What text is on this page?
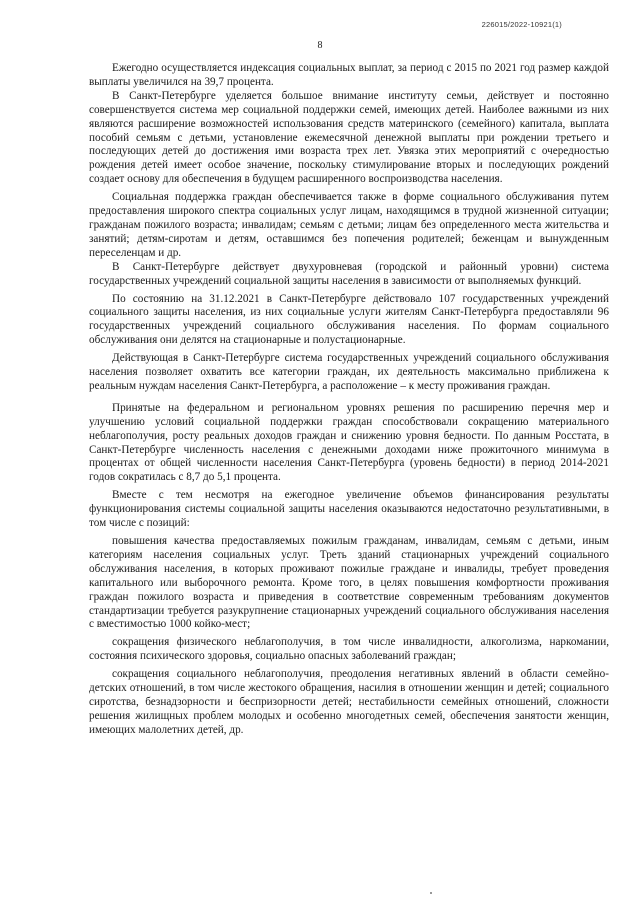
226015/2022-10921(1)
8

Ежегодно осуществляется индексация социальных выплат, за период с 2015 по 2021 год размер каждой выплаты увеличился на 39,7 процента.

В Санкт-Петербурге уделяется большое внимание институту семьи, действует и постоянно совершенствуется система мер социальной поддержки семей, имеющих детей. Наиболее важными из них являются расширение возможностей использования средств материнского (семейного) капитала, выплата пособий семьям с детьми, установление ежемесячной денежной выплаты при рождении третьего и последующих детей до достижения ими возраста трех лет. Увязка этих мероприятий с очередностью рождения детей имеет особое значение, поскольку стимулирование вторых и последующих рождений создает основу для обеспечения в будущем расширенного воспроизводства населения.

Социальная поддержка граждан обеспечивается также в форме социального обслуживания путем предоставления широкого спектра социальных услуг лицам, находящимся в трудной жизненной ситуации; гражданам пожилого возраста; инвалидам; семьям с детьми; лицам без определенного места жительства и занятий; детям-сиротам и детям, оставшимся без попечения родителей; беженцам и вынужденным переселенцам и др.

В Санкт-Петербурге действует двухуровневая (городской и районный уровни) система государственных учреждений социальной защиты населения в зависимости от выполняемых функций.

По состоянию на 31.12.2021 в Санкт-Петербурге действовало 107 государственных учреждений социального защиты населения, из них социальные услуги жителям Санкт-Петербурга предоставляли 96 государственных учреждений социального обслуживания населения. По формам социального обслуживания они делятся на стационарные и полустационарные.

Действующая в Санкт-Петербурге система государственных учреждений социального обслуживания населения позволяет охватить все категории граждан, их деятельность максимально приближена к реальным нуждам населения Санкт-Петербурга, а расположение – к месту проживания граждан.

Принятые на федеральном и региональном уровнях решения по расширению перечня мер и улучшению условий социальной поддержки граждан способствовали сокращению материального неблагополучия, росту реальных доходов граждан и снижению уровня бедности. По данным Росстата, в Санкт-Петербурге численность населения с денежными доходами ниже прожиточного минимума в процентах от общей численности населения Санкт-Петербурга (уровень бедности) в период 2014-2021 годов сократилась с 8,7 до 5,1 процента.

Вместе с тем несмотря на ежегодное увеличение объемов финансирования результаты функционирования системы социальной защиты населения оказываются недостаточно результативными, в том числе с позиций:

повышения качества предоставляемых пожилым гражданам, инвалидам, семьям с детьми, иным категориям населения социальных услуг. Треть зданий стационарных учреждений социального обслуживания населения, в которых проживают пожилые граждане и инвалиды, требует проведения капитального или выборочного ремонта. Кроме того, в целях повышения комфортности проживания граждан пожилого возраста и приведения в соответствие современным требованиям документов стандартизации требуется разукрупнение стационарных учреждений социального обслуживания населения с вместимостью 1000 койко-мест;

сокращения физического неблагополучия, в том числе инвалидности, алкоголизма, наркомании, состояния психического здоровья, социально опасных заболеваний граждан;

сокращения социального неблагополучия, преодоления негативных явлений в области семейно-детских отношений, в том числе жестокого обращения, насилия в отношении женщин и детей; социального сиротства, безнадзорности и беспризорности детей; нестабильности семейных отношений, сложности решения жилищных проблем молодых и особенно многодетных семей, обеспечения занятости женщин, имеющих малолетних детей, др.
